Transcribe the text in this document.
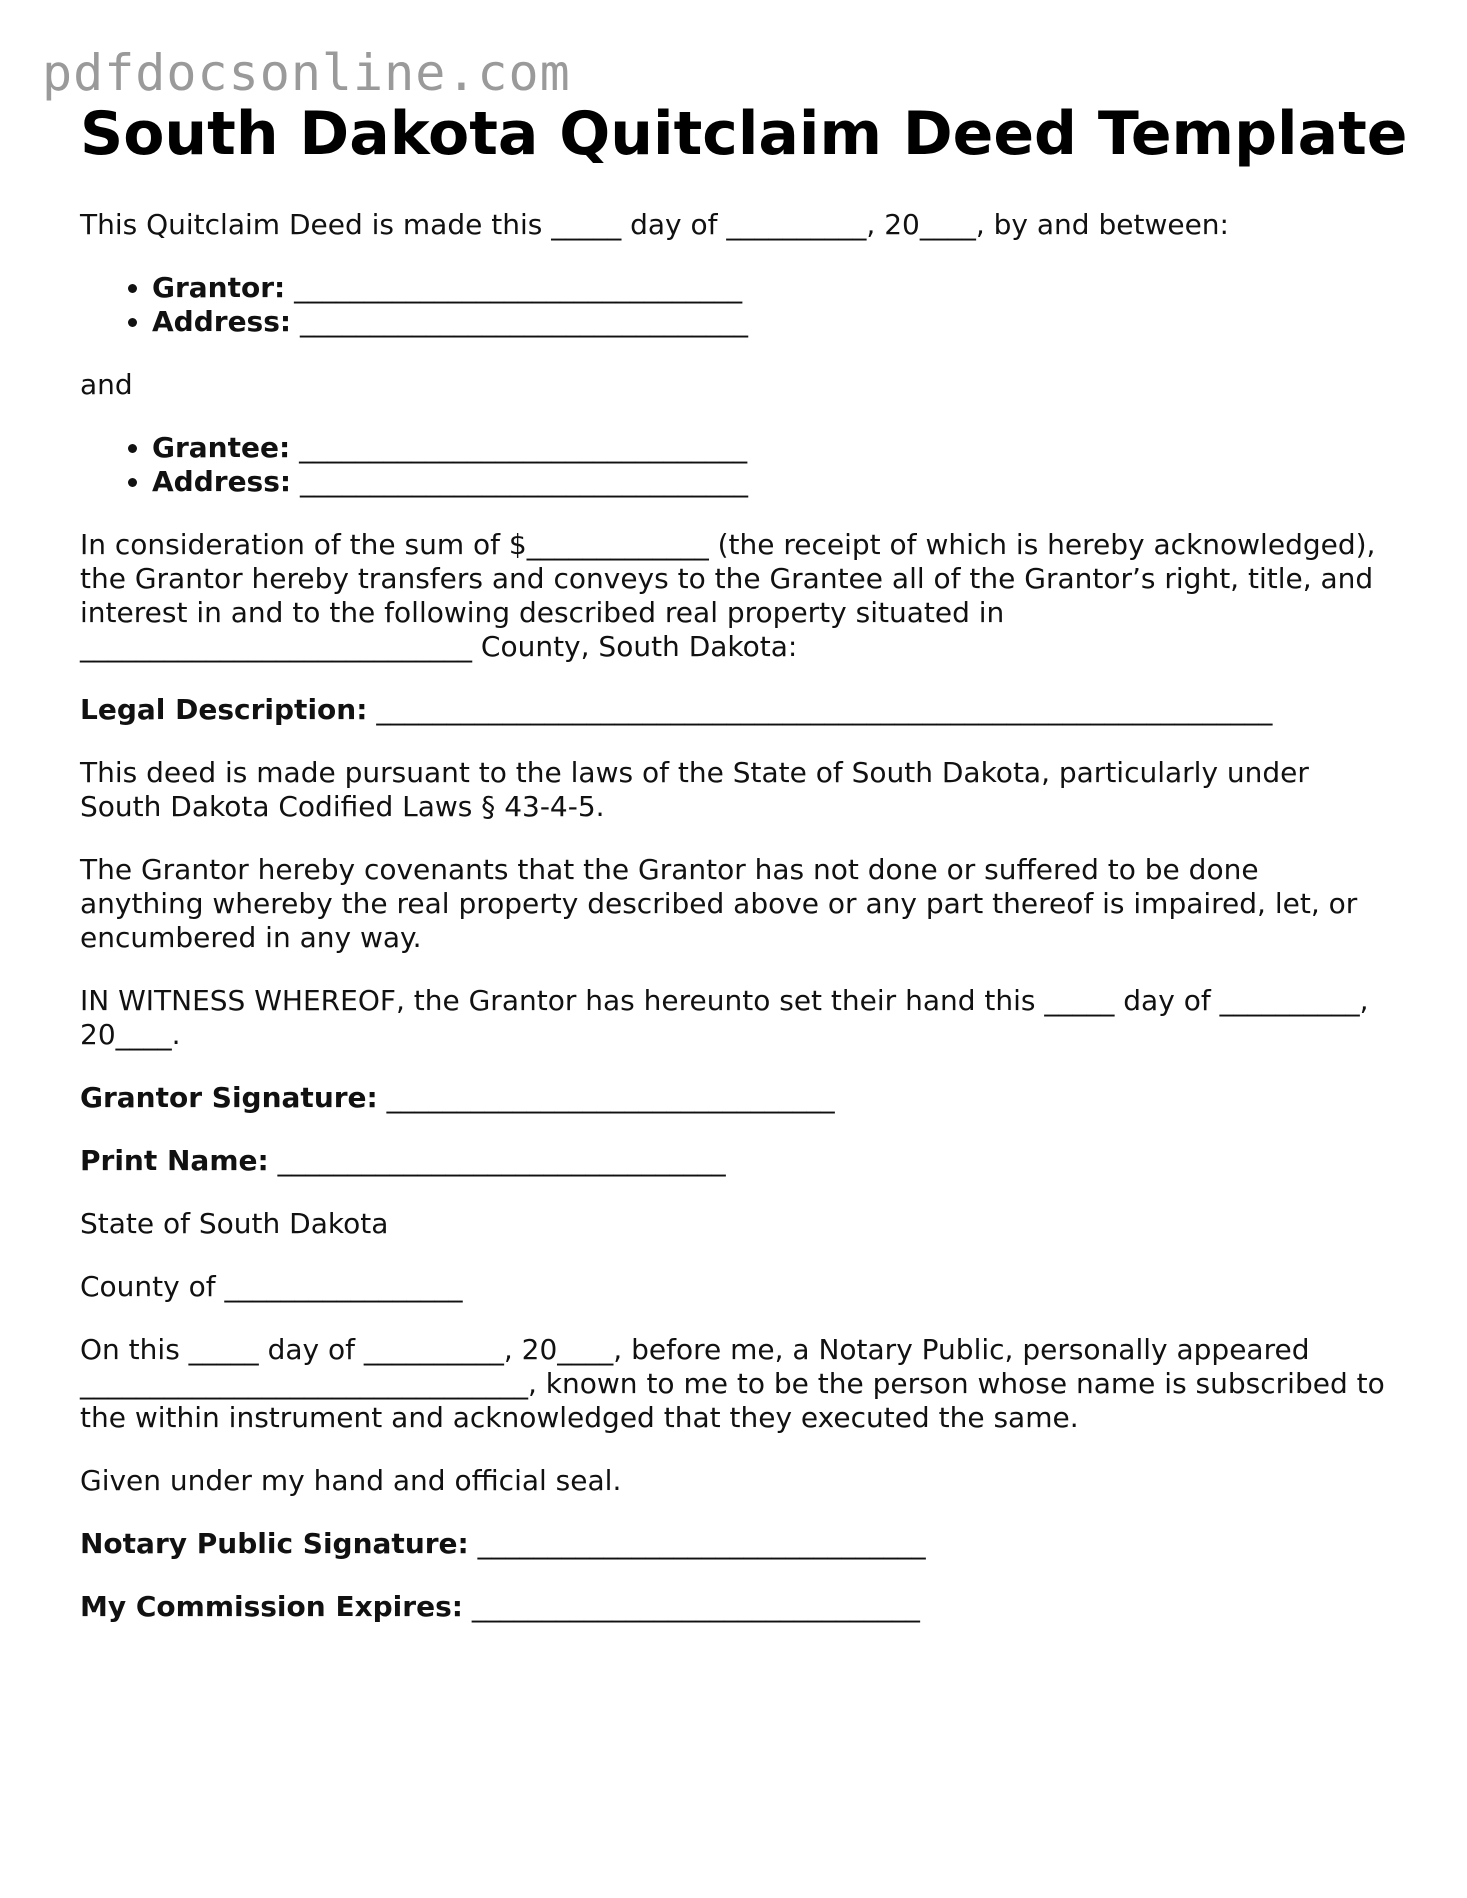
pdfdocsonline.com
South Dakota Quitclaim Deed Template

This Quitclaim Deed is made this _____ day of __________, 20____, by and between:

• Grantor: ________________________________
• Address: ________________________________

and

• Grantee: ________________________________
• Address: ________________________________

In consideration of the sum of $_____________ (the receipt of which is hereby acknowledged), the Grantor hereby transfers and conveys to the Grantee all of the Grantor’s right, title, and interest in and to the following described real property situated in ____________________________ County, South Dakota:

Legal Description: ________________________________________________________________

This deed is made pursuant to the laws of the State of South Dakota, particularly under South Dakota Codified Laws § 43-4-5.

The Grantor hereby covenants that the Grantor has not done or suffered to be done anything whereby the real property described above or any part thereof is impaired, let, or encumbered in any way.

IN WITNESS WHEREOF, the Grantor has hereunto set their hand this _____ day of __________, 20____.

Grantor Signature: ________________________________

Print Name: ________________________________

State of South Dakota

County of _________________

On this _____ day of __________, 20____, before me, a Notary Public, personally appeared ________________________________, known to me to be the person whose name is subscribed to the within instrument and acknowledged that they executed the same.

Given under my hand and official seal.

Notary Public Signature: ________________________________

My Commission Expires: ________________________________
